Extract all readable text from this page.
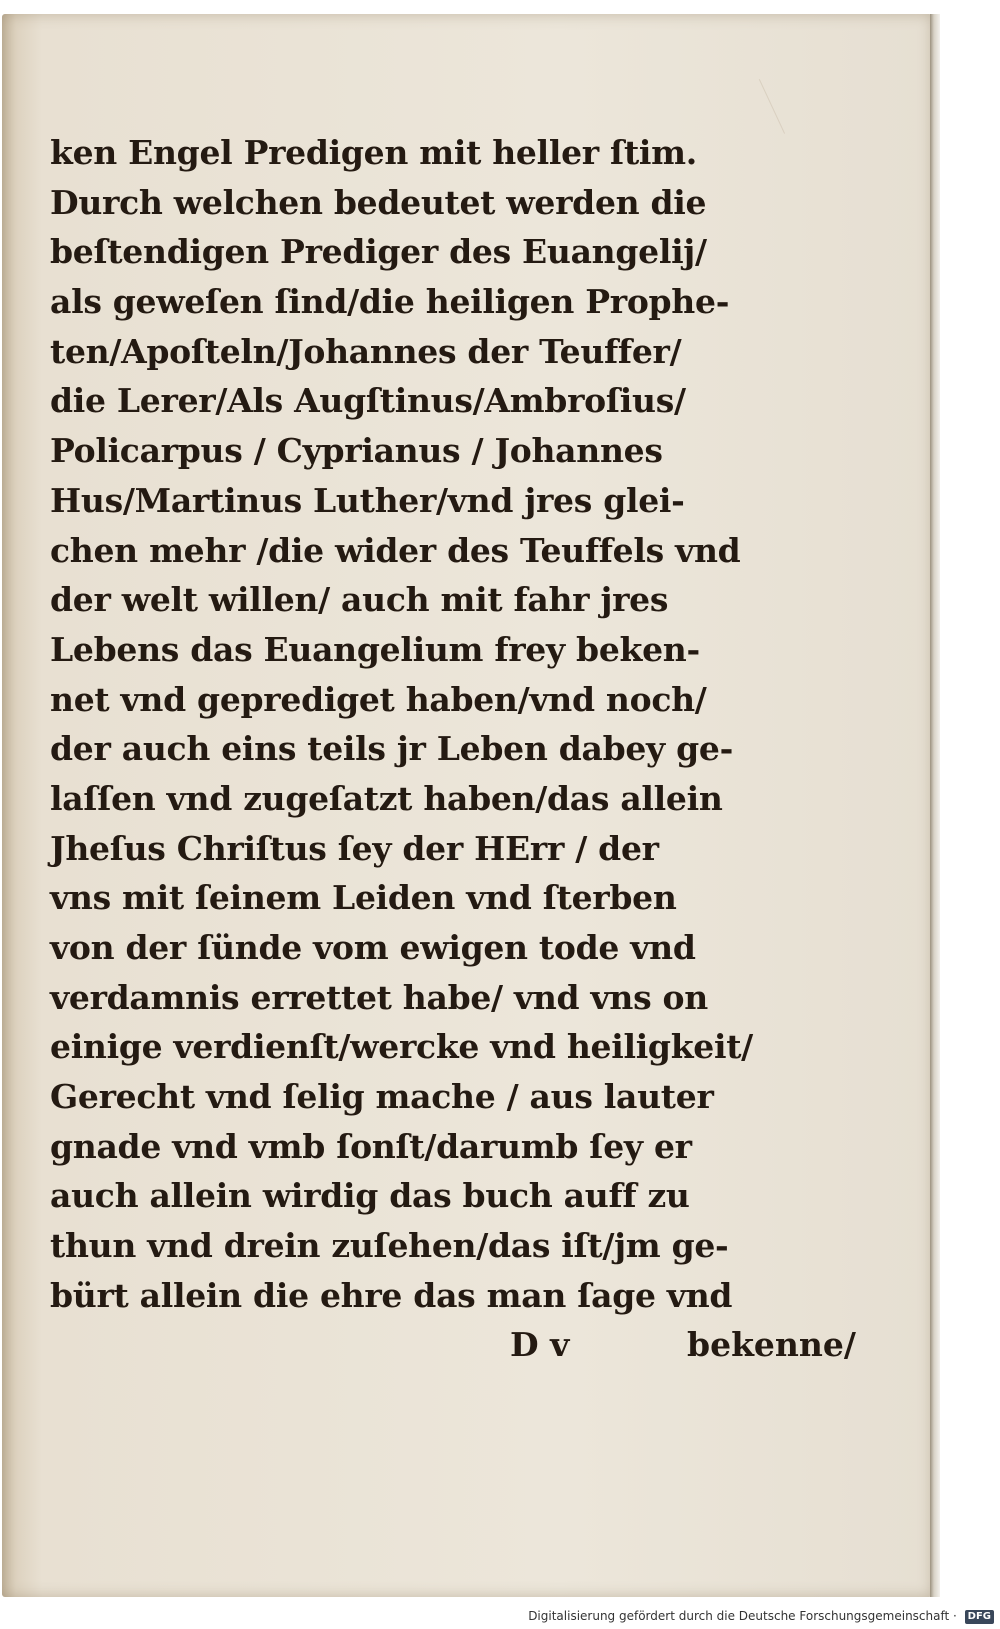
ken Engel Predigen mit heller ſtim.
Durch welchen bedeutet werden die
beſtendigen Prediger des Euangelij/
als geweſen ſind/die heiligen Prophe-
ten/Apoſteln/Johannes der Teuffer/
die Lerer/Als Augſtinus/Ambroſius/
Policarpus / Cyprianus / Johannes
Hus/Martinus Luther/vnd jres glei-
chen mehr /die wider des Teuffels vnd
der welt willen/ auch mit fahr jres
Lebens das Euangelium frey beken-
net vnd geprediget haben/vnd noch/
der auch eins teils jr Leben dabey ge-
laſſen vnd zugeſatzt haben/das allein
Jheſus Chriſtus ſey der HErr / der
vns mit ſeinem Leiden vnd ſterben
von der ſünde vom ewigen tode vnd
verdamnis errettet habe/ vnd vns on
einige verdienſt/wercke vnd heiligkeit/
Gerecht vnd ſelig mache / aus lauter
gnade vnd vmb ſonſt/darumb ſey er
auch allein wirdig das buch auff zu
thun vnd drein zuſehen/das iſt/jm ge-
bürt allein die ehre das man ſage vnd
D v	bekenne/
Digitalisierung gefördert durch die Deutsche Forschungsgemeinschaft · DFG
